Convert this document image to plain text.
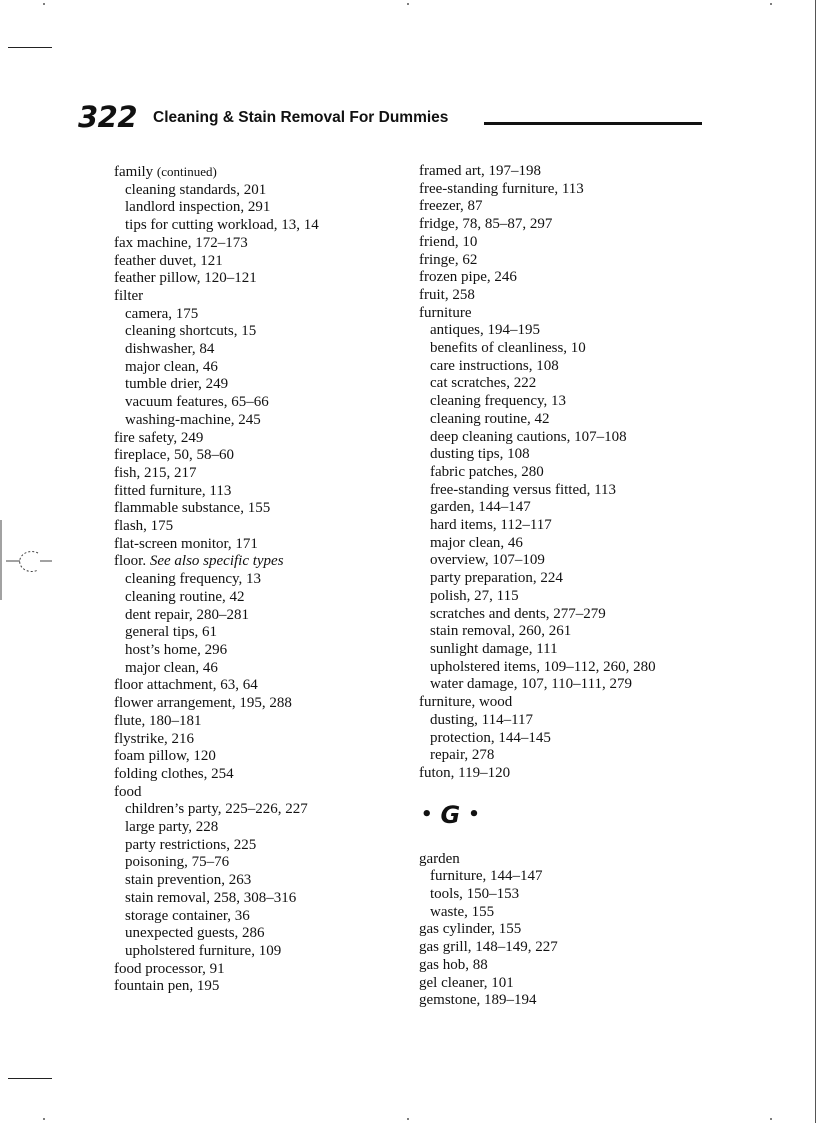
322 Cleaning & Stain Removal For Dummies
family (continued)
cleaning standards, 201
landlord inspection, 291
tips for cutting workload, 13, 14
fax machine, 172–173
feather duvet, 121
feather pillow, 120–121
filter
camera, 175
cleaning shortcuts, 15
dishwasher, 84
major clean, 46
tumble drier, 249
vacuum features, 65–66
washing-machine, 245
fire safety, 249
fireplace, 50, 58–60
fish, 215, 217
fitted furniture, 113
flammable substance, 155
flash, 175
flat-screen monitor, 171
floor. See also specific types
cleaning frequency, 13
cleaning routine, 42
dent repair, 280–281
general tips, 61
host’s home, 296
major clean, 46
floor attachment, 63, 64
flower arrangement, 195, 288
flute, 180–181
flystrike, 216
foam pillow, 120
folding clothes, 254
food
children’s party, 225–226, 227
large party, 228
party restrictions, 225
poisoning, 75–76
stain prevention, 263
stain removal, 258, 308–316
storage container, 36
unexpected guests, 286
upholstered furniture, 109
food processor, 91
fountain pen, 195
framed art, 197–198
free-standing furniture, 113
freezer, 87
fridge, 78, 85–87, 297
friend, 10
fringe, 62
frozen pipe, 246
fruit, 258
furniture
antiques, 194–195
benefits of cleanliness, 10
care instructions, 108
cat scratches, 222
cleaning frequency, 13
cleaning routine, 42
deep cleaning cautions, 107–108
dusting tips, 108
fabric patches, 280
free-standing versus fitted, 113
garden, 144–147
hard items, 112–117
major clean, 46
overview, 107–109
party preparation, 224
polish, 27, 115
scratches and dents, 277–279
stain removal, 260, 261
sunlight damage, 111
upholstered items, 109–112, 260, 280
water damage, 107, 110–111, 279
furniture, wood
dusting, 114–117
protection, 144–145
repair, 278
futon, 119–120
• G •
garden
furniture, 144–147
tools, 150–153
waste, 155
gas cylinder, 155
gas grill, 148–149, 227
gas hob, 88
gel cleaner, 101
gemstone, 189–194
